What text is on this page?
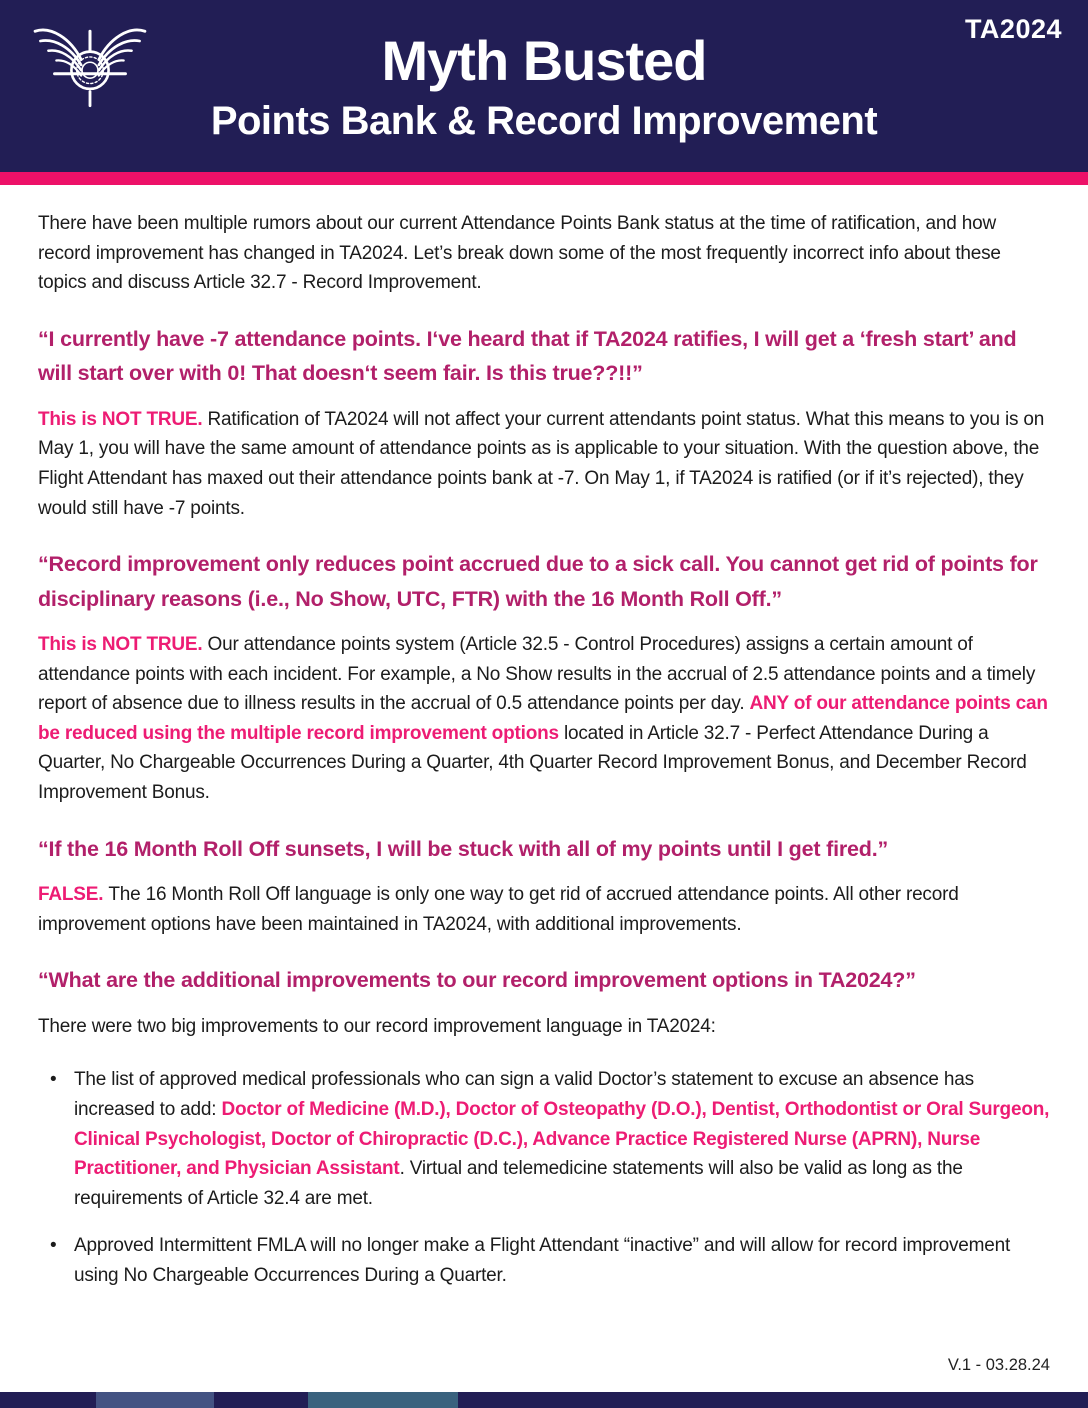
TA2024
Myth Busted
Points Bank & Record Improvement

There have been multiple rumors about our current Attendance Points Bank status at the time of ratification, and how record improvement has changed in TA2024. Let’s break down some of the most frequently incorrect info about these topics and discuss Article 32.7 - Record Improvement.

“I currently have -7 attendance points. I‘ve heard that if TA2024 ratifies, I will get a ‘fresh start’ and will start over with 0! That doesn‘t seem fair. Is this true??!!”

This is NOT TRUE. Ratification of TA2024 will not affect your current attendants point status. What this means to you is on May 1, you will have the same amount of attendance points as is applicable to your situation. With the question above, the Flight Attendant has maxed out their attendance points bank at -7. On May 1, if TA2024 is ratified (or if it’s rejected), they would still have -7 points.

“Record improvement only reduces point accrued due to a sick call. You cannot get rid of points for disciplinary reasons (i.e., No Show, UTC, FTR) with the 16 Month Roll Off.”

This is NOT TRUE. Our attendance points system (Article 32.5 - Control Procedures) assigns a certain amount of attendance points with each incident. For example, a No Show results in the accrual of 2.5 attendance points and a timely report of absence due to illness results in the accrual of 0.5 attendance points per day. ANY of our attendance points can be reduced using the multiple record improvement options located in Article 32.7 - Perfect Attendance During a Quarter, No Chargeable Occurrences During a Quarter, 4th Quarter Record Improvement Bonus, and December Record Improvement Bonus.

“If the 16 Month Roll Off sunsets, I will be stuck with all of my points until I get fired.”

FALSE. The 16 Month Roll Off language is only one way to get rid of accrued attendance points. All other record improvement options have been maintained in TA2024, with additional improvements.

“What are the additional improvements to our record improvement options in TA2024?”

There were two big improvements to our record improvement language in TA2024:

• The list of approved medical professionals who can sign a valid Doctor’s statement to excuse an absence has increased to add: Doctor of Medicine (M.D.), Doctor of Osteopathy (D.O.), Dentist, Orthodontist or Oral Surgeon, Clinical Psychologist, Doctor of Chiropractic (D.C.), Advance Practice Registered Nurse (APRN), Nurse Practitioner, and Physician Assistant. Virtual and telemedicine statements will also be valid as long as the requirements of Article 32.4 are met.
• Approved Intermittent FMLA will no longer make a Flight Attendant “inactive” and will allow for record improvement using No Chargeable Occurrences During a Quarter.
V.1 - 03.28.24
